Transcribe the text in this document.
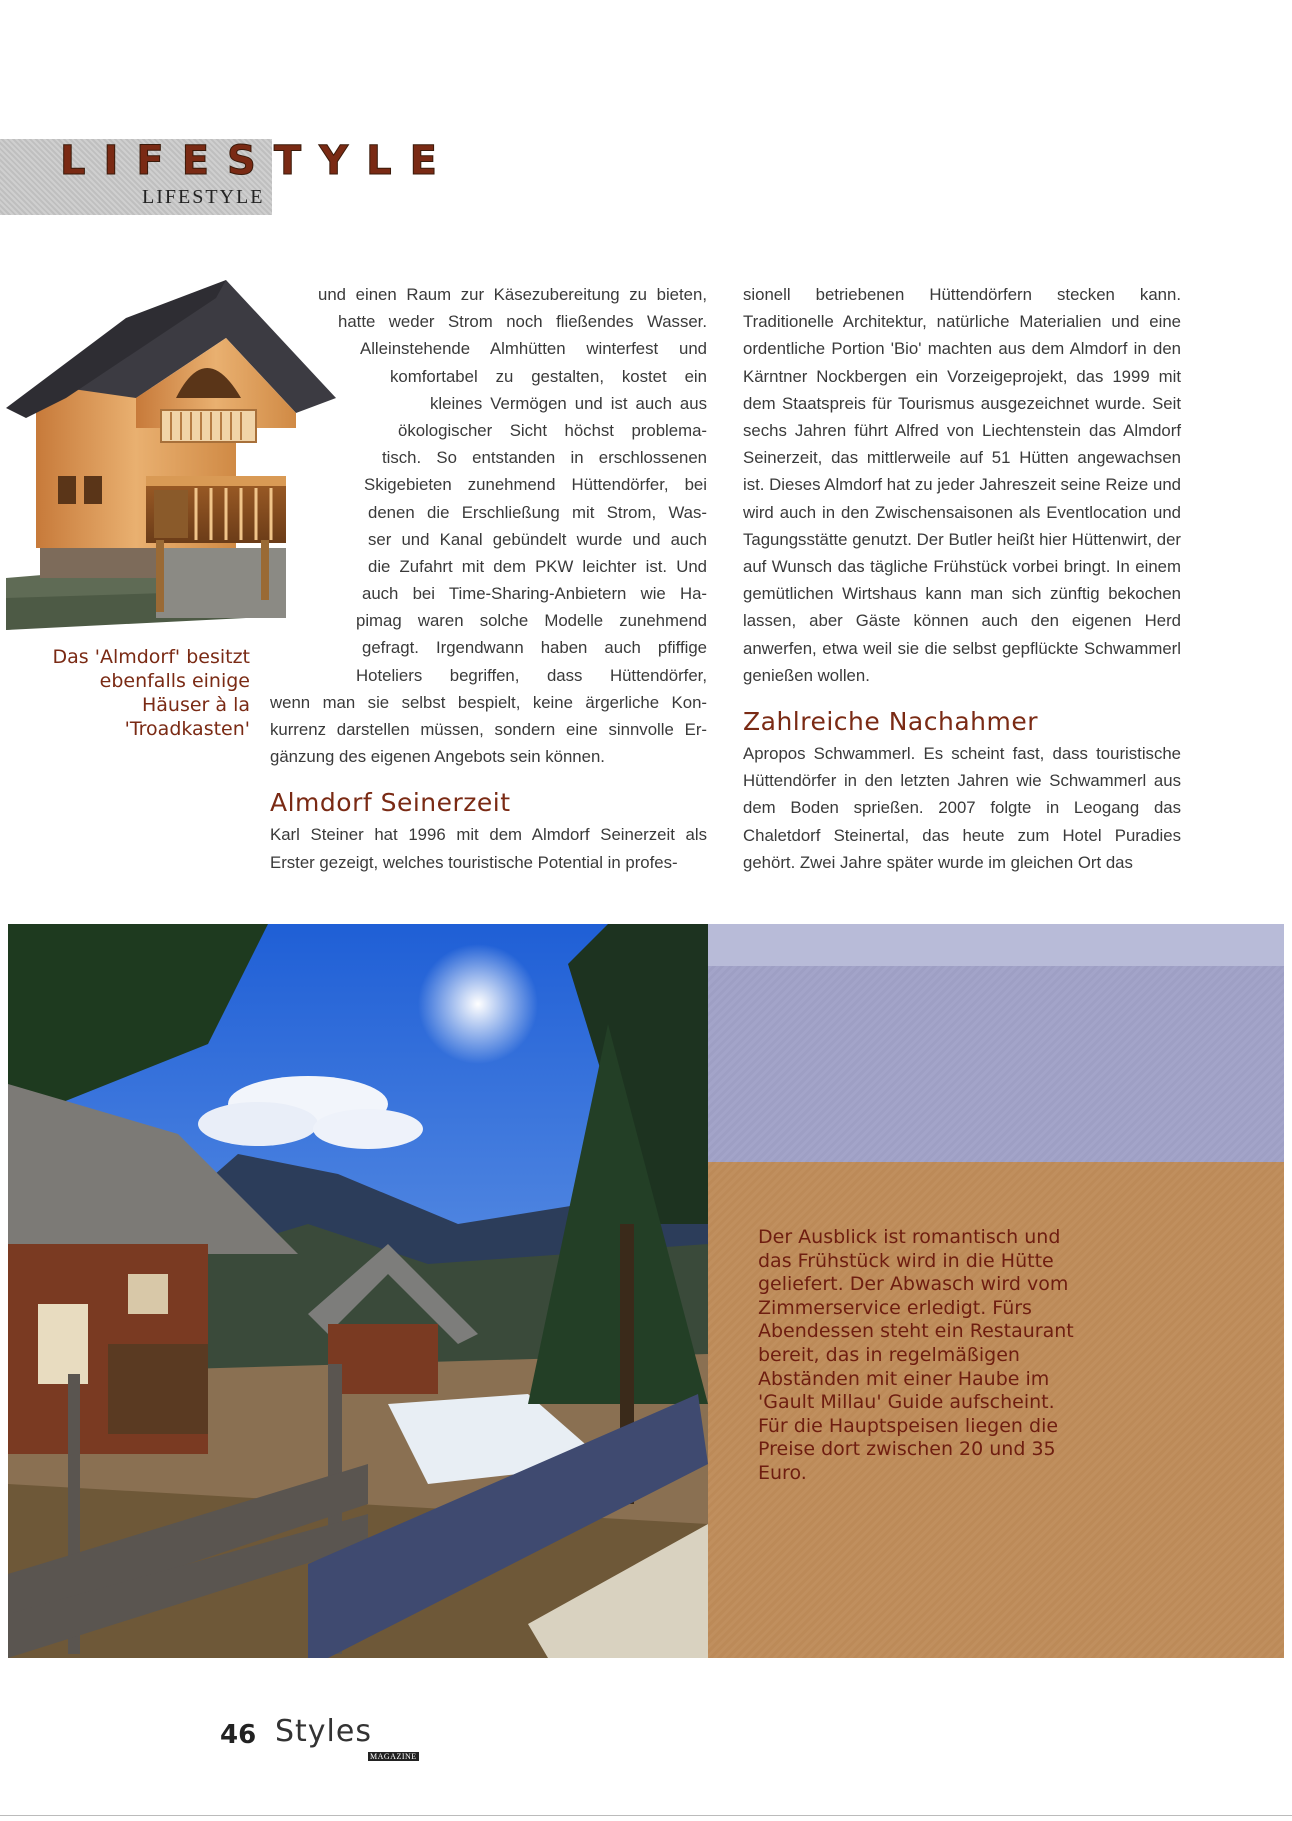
LIFESTYLE
LIFESTYLE
Das 'Almdorf' besitzt ebenfalls einige Häuser à la 'Troadkasten'
und einen Raum zur Käsezubereitung zu bieten,
hatte weder Strom noch fließendes Wasser.
Alleinstehende Almhütten winterfest und
komfortabel zu gestalten, kostet ein
kleines Vermögen und ist auch aus
ökologischer Sicht höchst problema-
tisch. So entstanden in erschlossenen
Skigebieten zunehmend Hüttendörfer, bei
denen die Erschließung mit Strom, Was-
ser und Kanal gebündelt wurde und auch
die Zufahrt mit dem PKW leichter ist. Und
auch bei Time-Sharing-Anbietern wie Ha-
pimag waren solche Modelle zunehmend
gefragt. Irgendwann haben auch pfiffige
Hoteliers begriffen, dass Hüttendörfer,
wenn man sie selbst bespielt, keine ärgerliche Kon-
kurrenz darstellen müssen, sondern eine sinnvolle Er-
gänzung des eigenen Angebots sein können.
Almdorf Seinerzeit

Karl Steiner hat 1996 mit dem Almdorf Seinerzeit als Erster gezeigt, welches touristische Potential in profes-

sionell betriebenen Hüttendörfern stecken kann. Traditionelle Architektur, natürliche Materialien und eine ordentliche Portion 'Bio' machten aus dem Almdorf in den Kärntner Nockbergen ein Vorzeigeprojekt, das 1999 mit dem Staatspreis für Tourismus ausgezeichnet wurde. Seit sechs Jahren führt Alfred von Liechtenstein das Almdorf Seinerzeit, das mittlerweile auf 51 Hütten angewachsen ist. Dieses Almdorf hat zu jeder Jahreszeit seine Reize und wird auch in den Zwischensaisonen als Eventlocation und Tagungsstätte genutzt. Der Butler heißt hier Hüttenwirt, der auf Wunsch das tägliche Frühstück vorbei bringt. In einem gemütlichen Wirtshaus kann man sich zünftig bekochen lassen, aber Gäste können auch den eigenen Herd anwerfen, etwa weil sie die selbst gepflückte Schwammerl genießen wollen.

Zahlreiche Nachahmer

Apropos Schwammerl. Es scheint fast, dass touristische Hüttendörfer in den letzten Jahren wie Schwammerl aus dem Boden sprießen. 2007 folgte in Leogang das Chaletdorf Steinertal, das heute zum Hotel Puradies gehört. Zwei Jahre später wurde im gleichen Ort das

Der Ausblick ist romantisch und das Frühstück wird in die Hütte geliefert. Der Abwasch wird vom Zimmerservice erledigt. Fürs Abendessen steht ein Restaurant bereit, das in regelmäßigen Abständen mit einer Haube im 'Gault Millau' Guide aufscheint. Für die Hauptspeisen liegen die Preise dort zwischen 20 und 35 Euro.
46 Styles
MAGAZINE
